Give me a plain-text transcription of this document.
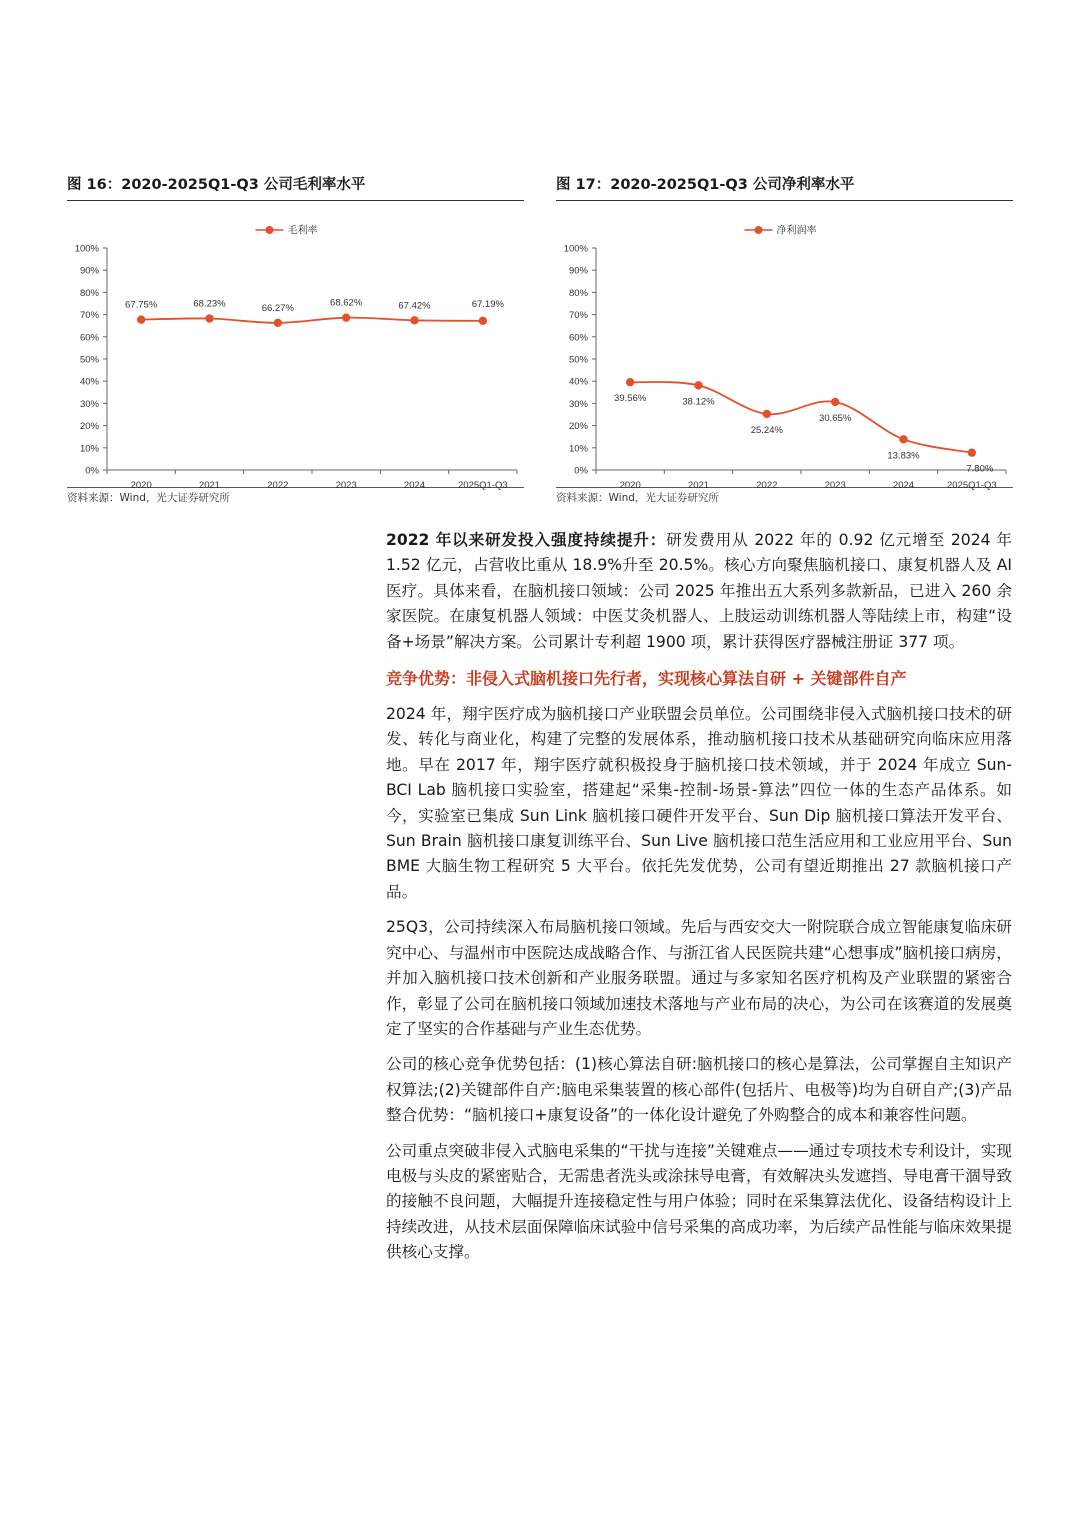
图 16：2020-2025Q1-Q3 公司毛利率水平
毛利率
0%
10%
20%
30%
40%
50%
60%
70%
80%
90%
100%
2020	2021	2022	2023	2024	2025Q1-Q3
67.75%	68.23%	66.27%	68.62%	67.42%	67.19%
资料来源：Wind，光大证券研究所
图 17：2020-2025Q1-Q3 公司净利率水平
净利润率
0%
10%
20%
30%
40%
50%
60%
70%
80%
90%
100%
2020	2021	2022	2023	2024	2025Q1-Q3
39.56%	38.12%
25.24%
30.65%
13.83%
7.80%
资料来源：Wind，光大证券研究所

2022 年以来研发投入强度持续提升：研发费用从 2022 年的 0.92 亿元增至 2024 年 1.52 亿元，占营收比重从 18.9%升至 20.5%。核心方向聚焦脑机接口、康复机器人及 AI 医疗。具体来看，在脑机接口领域：公司 2025 年推出五大系列多款新品，已进入 260 余家医院。在康复机器人领域：中医艾灸机器人、上肢运动训练机器人等陆续上市，构建“设备+场景”解决方案。公司累计专利超 1900 项，累计获得医疗器械注册证 377 项。

竞争优势：非侵入式脑机接口先行者，实现核心算法自研 + 关键部件自产

2024 年，翔宇医疗成为脑机接口产业联盟会员单位。公司围绕非侵入式脑机接口技术的研发、转化与商业化，构建了完整的发展体系，推动脑机接口技术从基础研究向临床应用落地。早在 2017 年，翔宇医疗就积极投身于脑机接口技术领域，并于 2024 年成立 Sun-BCI Lab 脑机接口实验室，搭建起“采集-控制-场景-算法”四位一体的生态产品体系。如今，实验室已集成 Sun Link 脑机接口硬件开发平台、Sun Dip 脑机接口算法开发平台、Sun Brain 脑机接口康复训练平台、Sun Live 脑机接口范生活应用和工业应用平台、Sun BME 大脑生物工程研究 5 大平台。依托先发优势，公司有望近期推出 27 款脑机接口产品。

25Q3，公司持续深入布局脑机接口领域。先后与西安交大一附院联合成立智能康复临床研究中心、与温州市中医院达成战略合作、与浙江省人民医院共建“心想事成”脑机接口病房，并加入脑机接口技术创新和产业服务联盟。通过与多家知名医疗机构及产业联盟的紧密合作，彰显了公司在脑机接口领域加速技术落地与产业布局的决心，为公司在该赛道的发展奠定了坚实的合作基础与产业生态优势。

公司的核心竞争优势包括：(1)核心算法自研:脑机接口的核心是算法，公司掌握自主知识产权算法;(2)关键部件自产:脑电采集装置的核心部件(包括片、电极等)均为自研自产;(3)产品整合优势：“脑机接口+康复设备”的一体化设计避免了外购整合的成本和兼容性问题。

公司重点突破非侵入式脑电采集的“干扰与连接”关键难点——通过专项技术专利设计，实现电极与头皮的紧密贴合，无需患者洗头或涂抹导电膏，有效解决头发遮挡、导电膏干涸导致的接触不良问题，大幅提升连接稳定性与用户体验；同时在采集算法优化、设备结构设计上持续改进，从技术层面保障临床试验中信号采集的高成功率，为后续产品性能与临床效果提供核心支撑。
